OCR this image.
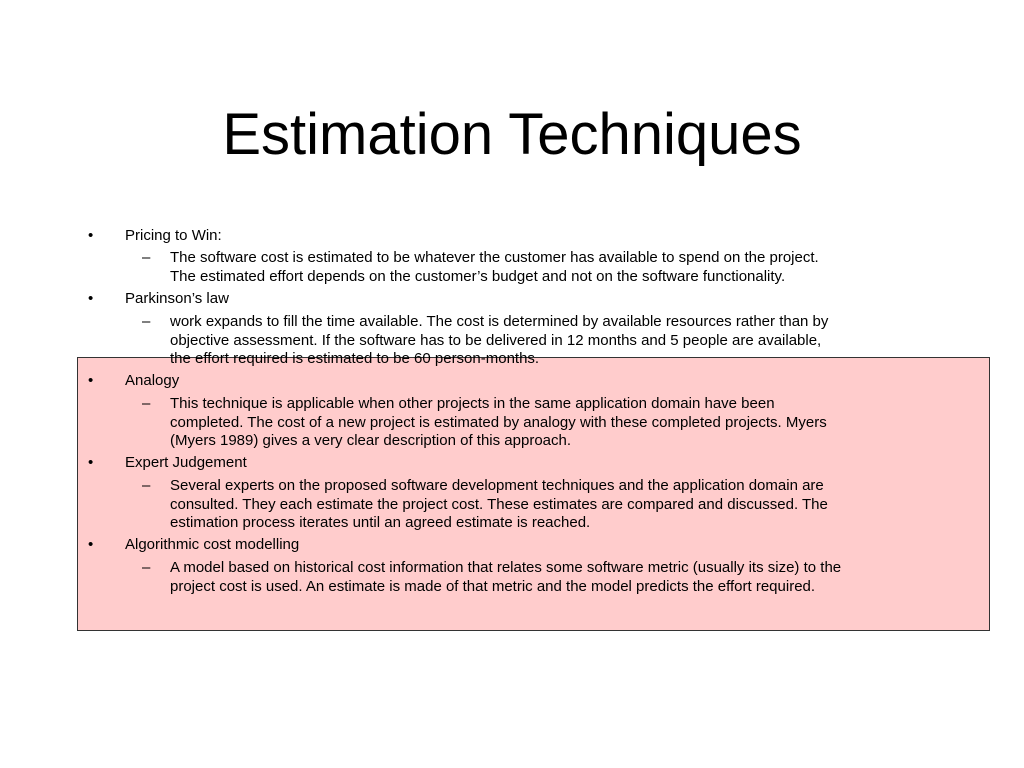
Estimation Techniques
• Pricing to Win:
– The software cost is estimated to be whatever the customer has available to spend on the project.
The estimated effort depends on the customer’s budget and not on the software functionality.
• Parkinson’s law
– work expands to fill the time available. The cost is determined by available resources rather than by
objective assessment. If the software has to be delivered in 12 months and 5 people are available,
the effort required is estimated to be 60 person-months.
• Analogy
– This technique is applicable when other projects in the same application domain have been
completed. The cost of a new project is estimated by analogy with these completed projects. Myers
(Myers 1989) gives a very clear description of this approach.
• Expert Judgement
– Several experts on the proposed software development techniques and the application domain are
consulted. They each estimate the project cost. These estimates are compared and discussed. The
estimation process iterates until an agreed estimate is reached.
• Algorithmic cost modelling
– A model based on historical cost information that relates some software metric (usually its size) to the
project cost is used. An estimate is made of that metric and the model predicts the effort required.
